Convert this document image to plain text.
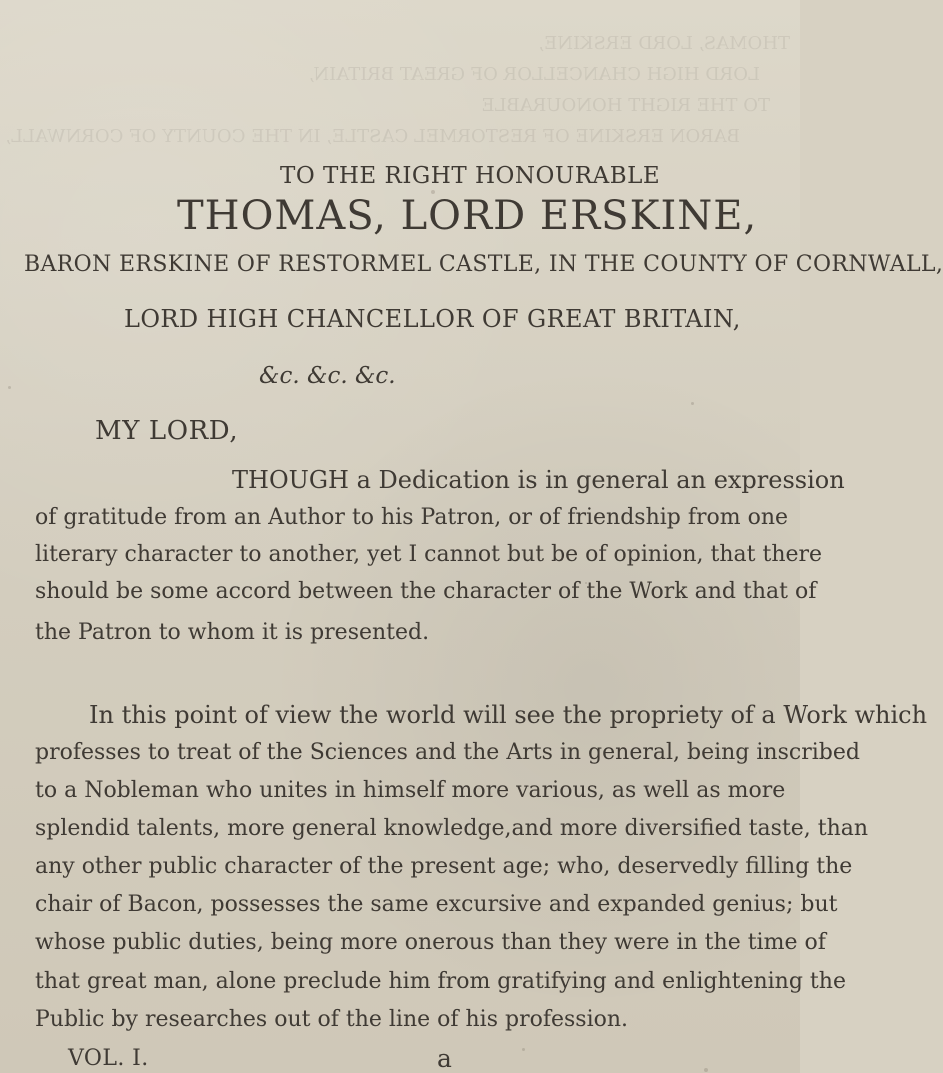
THOMAS, LORD ERSKINE,
LORD HIGH CHANCELLOR OF GREAT BRITAIN,
TO THE RIGHT HONOURABLE
BARON ERSKINE OF RESTORMEL CASTLE, IN THE COUNTY OF CORNWALL,
TO THE RIGHT HONOURABLE
THOMAS, LORD ERSKINE,
BARON ERSKINE OF RESTORMEL CASTLE, IN THE COUNTY OF CORNWALL,
LORD HIGH CHANCELLOR OF GREAT BRITAIN,
&c. &c. &c.
MY LORD,
THOUGH a Dedication is in general an expression
of gratitude from an Author to his Patron, or of friendship from one
literary character to another, yet I cannot but be of opinion, that there
should be some accord between the character of the Work and that of
the Patron to whom it is presented.
In this point of view the world will see the propriety of a Work which
professes to treat of the Sciences and the Arts in general, being inscribed
to a Nobleman who unites in himself more various, as well as more
splendid talents, more general knowledge,and more diversified taste, than
any other public character of the present age; who, deservedly filling the
chair of Bacon, possesses the same excursive and expanded genius; but
whose public duties, being more onerous than they were in the time of
that great man, alone preclude him from gratifying and enlightening the
Public by researches out of the line of his profession.
VOL. I.	a
